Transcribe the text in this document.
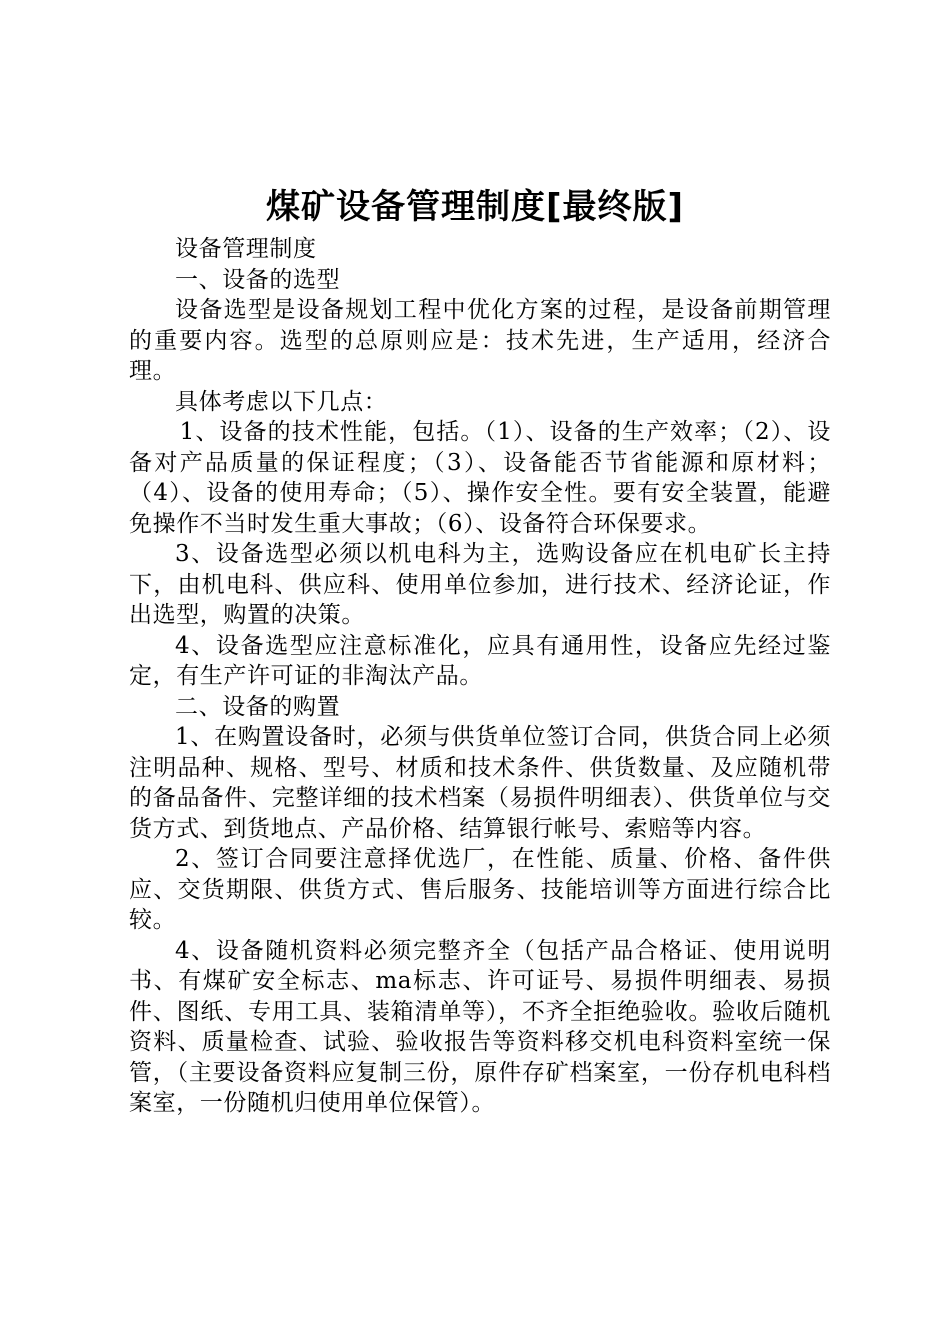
煤矿设备管理制度[最终版]

设备管理制度

一、设备的选型

设备选型是设备规划工程中优化方案的过程，是设备前期管理的重要内容。选型的总原则应是：技术先进，生产适用，经济合理。

具体考虑以下几点：

1、设备的技术性能，包括。（1）、设备的生产效率；（2）、设备对产品质量的保证程度；（3）、设备能否节省能源和原材料；（4）、设备的使用寿命；（5）、操作安全性。要有安全装置，能避免操作不当时发生重大事故；（6）、设备符合环保要求。

3、设备选型必须以机电科为主，选购设备应在机电矿长主持下，由机电科、供应科、使用单位参加，进行技术、经济论证，作出选型，购置的决策。

4、设备选型应注意标准化，应具有通用性，设备应先经过鉴定，有生产许可证的非淘汰产品。

二、设备的购置

1、在购置设备时，必须与供货单位签订合同，供货合同上必须注明品种、规格、型号、材质和技术条件、供货数量、及应随机带的备品备件、完整详细的技术档案（易损件明细表）、供货单位与交货方式、到货地点、产品价格、结算银行帐号、索赔等内容。

2、签订合同要注意择优选厂，在性能、质量、价格、备件供应、交货期限、供货方式、售后服务、技能培训等方面进行综合比较。

4、设备随机资料必须完整齐全（包括产品合格证、使用说明书、有煤矿安全标志、ma标志、许可证号、易损件明细表、易损件、图纸、专用工具、装箱清单等），不齐全拒绝验收。验收后随机资料、质量检查、试验、验收报告等资料移交机电科资料室统一保管，（主要设备资料应复制三份，原件存矿档案室，一份存机电科档案室，一份随机归使用单位保管）。
